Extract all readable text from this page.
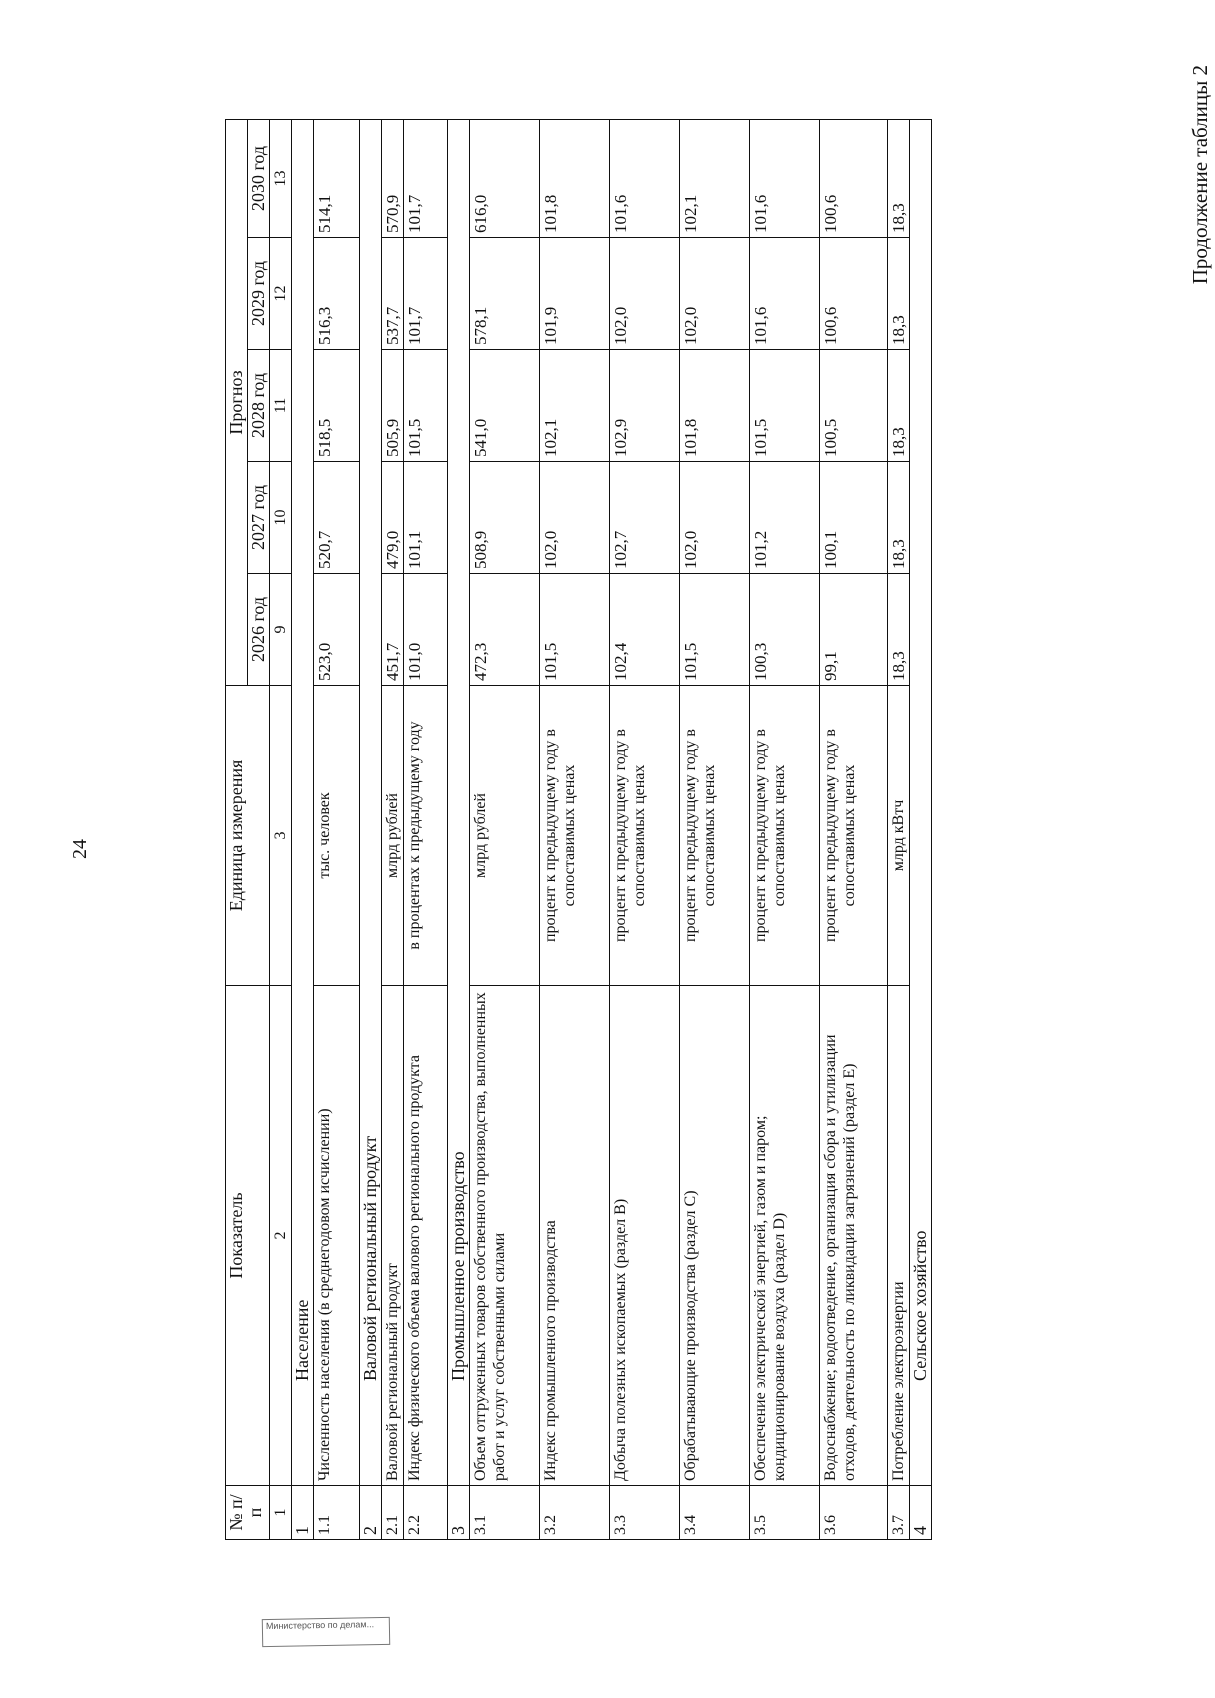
24
Продолжение таблицы 2
№ п/п	Показатель	Единица измерения	Прогноз				
			2026 год	2027 год	2028 год	2029 год	2030 год
1	2	3	9	10	11	12	13
1	Население						
1.1	Численность населения (в среднегодовом исчислении)	тыс. человек	523,0	520,7	518,5	516,3	514,1
2	Валовой региональный продукт						
2.1	Валовой региональный продукт	млрд рублей	451,7	479,0	505,9	537,7	570,9
2.2	Индекс физического объема валового регионального продукта	в процентах к предыдущему году	101,0	101,1	101,5	101,7	101,7
3	Промышленное производство						
3.1	Объем отгруженных товаров собственного производства, выполненных работ и услуг собственными силами	млрд рублей	472,3	508,9	541,0	578,1	616,0
3.2	Индекс промышленного производства	процент к предыдущему году в сопоставимых ценах	101,5	102,0	102,1	101,9	101,8
3.3	Добыча полезных ископаемых (раздел B)	процент к предыдущему году в сопоставимых ценах	102,4	102,7	102,9	102,0	101,6
3.4	Обрабатывающие производства (раздел C)	процент к предыдущему году в сопоставимых ценах	101,5	102,0	101,8	102,0	102,1
3.5	Обеспечение электрической энергией, газом и паром; кондиционирование воздуха (раздел D)	процент к предыдущему году в сопоставимых ценах	100,3	101,2	101,5	101,6	101,6
3.6	Водоснабжение; водоотведение, организация сбора и утилизации отходов, деятельность по ликвидации загрязнений (раздел E)	процент к предыдущему году в сопоставимых ценах	99,1	100,1	100,5	100,6	100,6
3.7	Потребление электроэнергии	млрд кВтч	18,3	18,3	18,3	18,3	18,3
4	Сельское хозяйство						
Министерство по делам...
